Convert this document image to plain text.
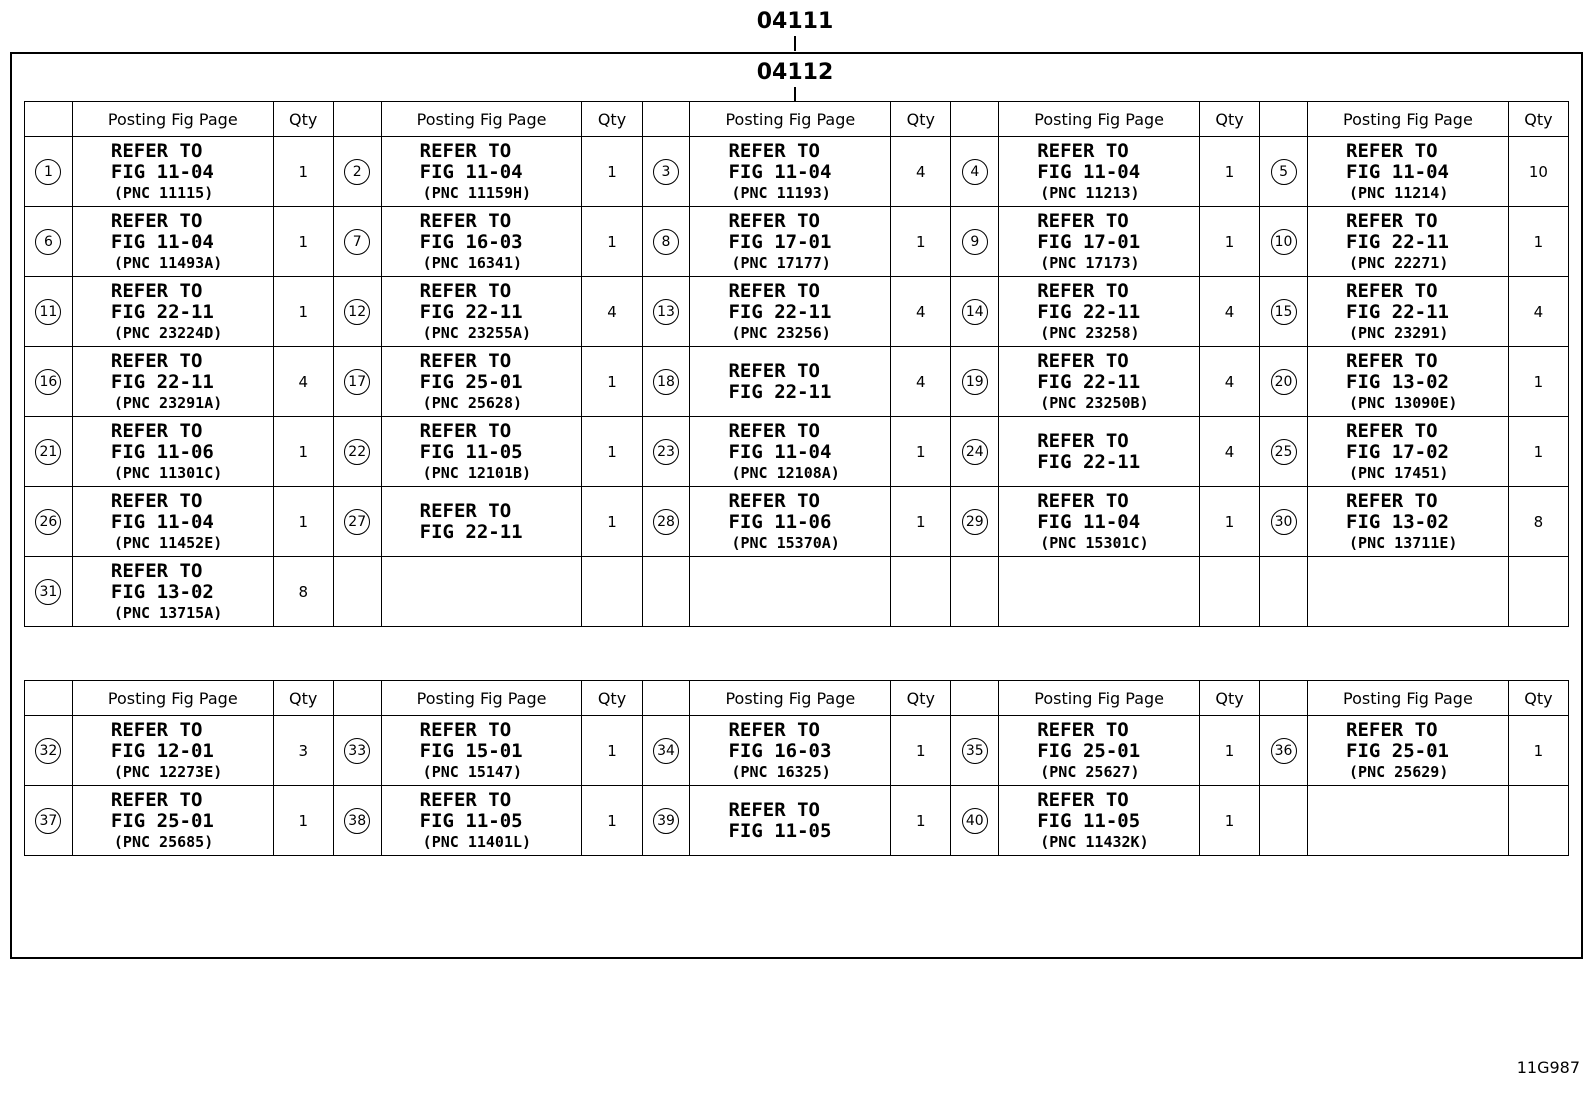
04111
04112
	Posting Fig Page	Qty		Posting Fig Page	Qty		Posting Fig Page	Qty		Posting Fig Page	Qty		Posting Fig Page	Qty
1	REFER TO
FIG 11-04
(PNC 11115)	1	2	REFER TO
FIG 11-04
(PNC 11159H)	1	3	REFER TO
FIG 11-04
(PNC 11193)	4	4	REFER TO
FIG 11-04
(PNC 11213)	1	5	REFER TO
FIG 11-04
(PNC 11214)	10
6	REFER TO
FIG 11-04
(PNC 11493A)	1	7	REFER TO
FIG 16-03
(PNC 16341)	1	8	REFER TO
FIG 17-01
(PNC 17177)	1	9	REFER TO
FIG 17-01
(PNC 17173)	1	10	REFER TO
FIG 22-11
(PNC 22271)	1
11	REFER TO
FIG 22-11
(PNC 23224D)	1	12	REFER TO
FIG 22-11
(PNC 23255A)	4	13	REFER TO
FIG 22-11
(PNC 23256)	4	14	REFER TO
FIG 22-11
(PNC 23258)	4	15	REFER TO
FIG 22-11
(PNC 23291)	4
16	REFER TO
FIG 22-11
(PNC 23291A)	4	17	REFER TO
FIG 25-01
(PNC 25628)	1	18	REFER TO
FIG 22-11	4	19	REFER TO
FIG 22-11
(PNC 23250B)	4	20	REFER TO
FIG 13-02
(PNC 13090E)	1
21	REFER TO
FIG 11-06
(PNC 11301C)	1	22	REFER TO
FIG 11-05
(PNC 12101B)	1	23	REFER TO
FIG 11-04
(PNC 12108A)	1	24	REFER TO
FIG 22-11	4	25	REFER TO
FIG 17-02
(PNC 17451)	1
26	REFER TO
FIG 11-04
(PNC 11452E)	1	27	REFER TO
FIG 22-11	1	28	REFER TO
FIG 11-06
(PNC 15370A)	1	29	REFER TO
FIG 11-04
(PNC 15301C)	1	30	REFER TO
FIG 13-02
(PNC 13711E)	8
31	REFER TO
FIG 13-02
(PNC 13715A)	8												
	Posting Fig Page	Qty		Posting Fig Page	Qty		Posting Fig Page	Qty		Posting Fig Page	Qty		Posting Fig Page	Qty
32	REFER TO
FIG 12-01
(PNC 12273E)	3	33	REFER TO
FIG 15-01
(PNC 15147)	1	34	REFER TO
FIG 16-03
(PNC 16325)	1	35	REFER TO
FIG 25-01
(PNC 25627)	1	36	REFER TO
FIG 25-01
(PNC 25629)	1
37	REFER TO
FIG 25-01
(PNC 25685)	1	38	REFER TO
FIG 11-05
(PNC 11401L)	1	39	REFER TO
FIG 11-05	1	40	REFER TO
FIG 11-05
(PNC 11432K)	1			
11G987
